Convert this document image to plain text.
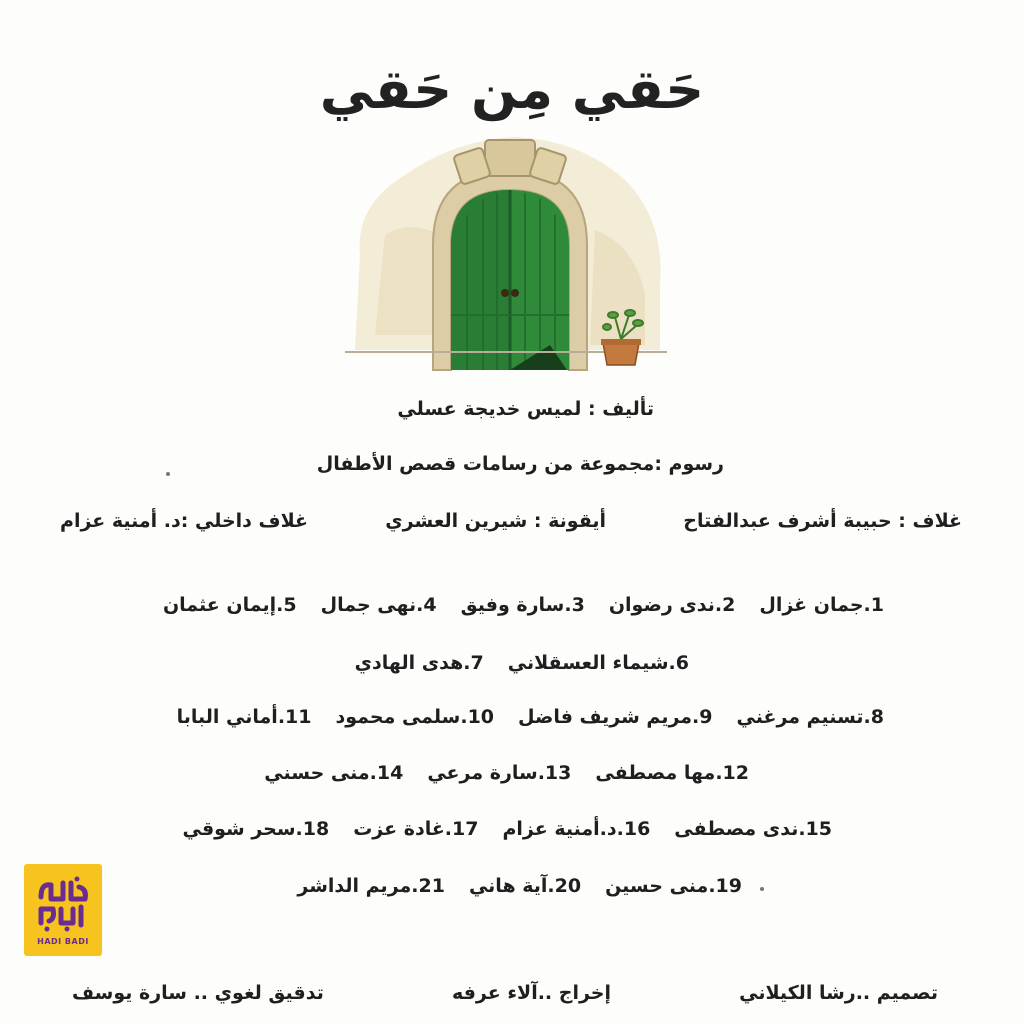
حَقي مِن حَقي
تأليف : لميس خديجة عسلي
رسوم :مجموعة من رسامات قصص الأطفال
غلاف : حبيبة أشرف عبدالفتاح
أيقونة : شيرين العشري
غلاف داخلي :د. أمنية عزام
1.جمان غزال
2.ندى رضوان
3.سارة وفيق
4.نهى جمال
5.إيمان عثمان
6.شيماء العسقلاني
7.هدى الهادي
8.تسنيم مرغني
9.مريم شريف فاضل
10.سلمى محمود
11.أماني البابا
12.مها مصطفى
13.سارة مرعي
14.منى حسني
15.ندى مصطفى
16.د.أمنية عزام
17.غادة عزت
18.سحر شوقي
19.منى حسين
20.آية هاني
21.مريم الداشر
HADI BADI
تصميم ..رشا الكيلاني
إخراج ..آلاء عرفه
تدقيق لغوي .. سارة يوسف
